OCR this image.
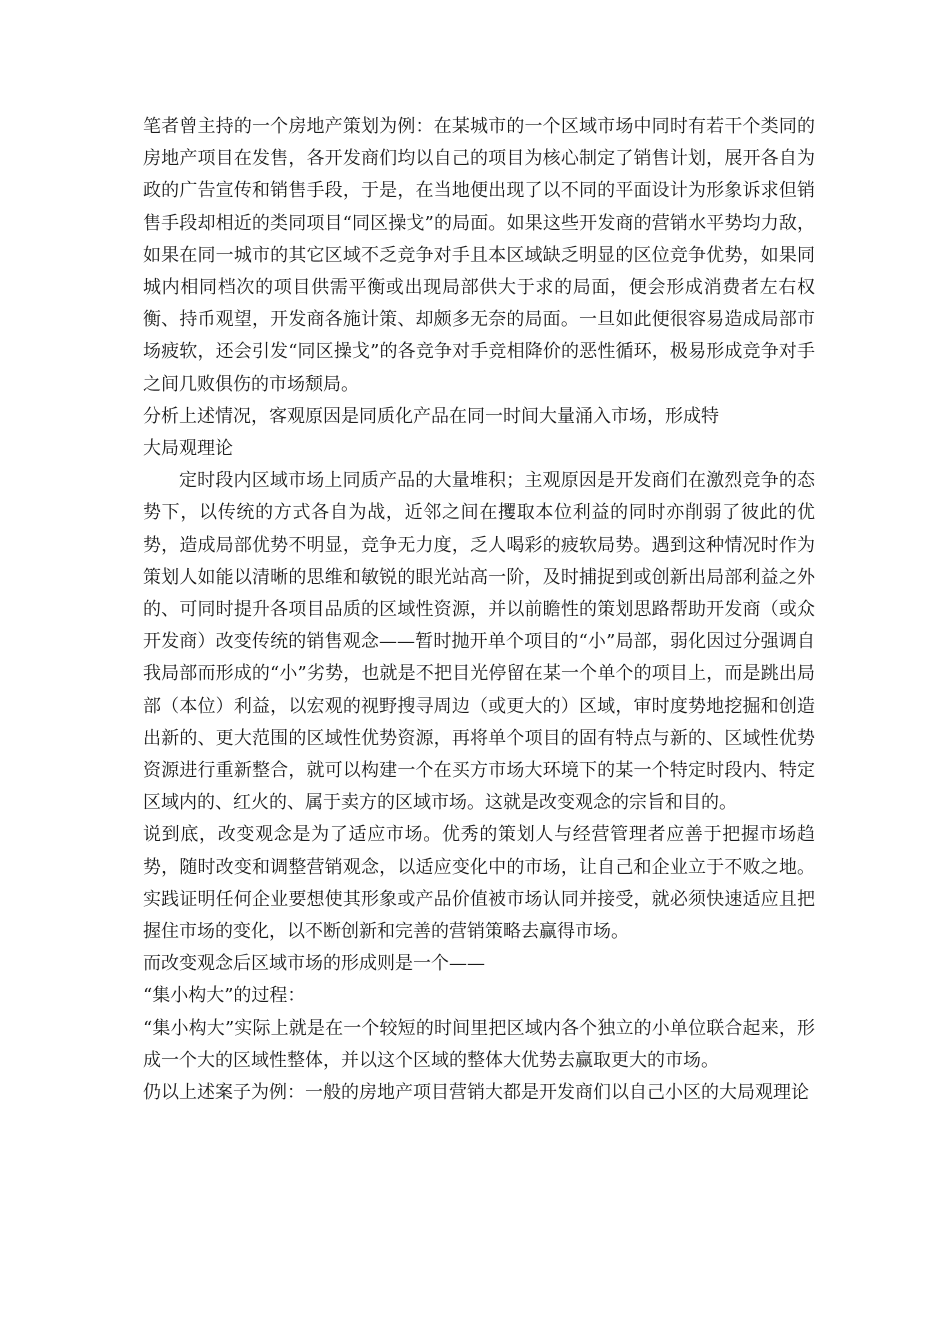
笔者曾主持的一个房地产策划为例：在某城市的一个区域市场中同时有若干个类同的房地产项目在发售，各开发商们均以自己的项目为核心制定了销售计划，展开各自为政的广告宣传和销售手段，于是，在当地便出现了以不同的平面设计为形象诉求但销售手段却相近的类同项目“同区操戈”的局面。如果这些开发商的营销水平势均力敌，如果在同一城市的其它区域不乏竞争对手且本区域缺乏明显的区位竞争优势，如果同城内相同档次的项目供需平衡或出现局部供大于求的局面，便会形成消费者左右权衡、持币观望，开发商各施计策、却颇多无奈的局面。一旦如此便很容易造成局部市场疲软，还会引发“同区操戈”的各竞争对手竞相降价的恶性循环，极易形成竞争对手之间几败俱伤的市场颓局。

分析上述情况，客观原因是同质化产品在同一时间大量涌入市场，形成特

大局观理论

定时段内区域市场上同质产品的大量堆积；主观原因是开发商们在激烈竞争的态势下，以传统的方式各自为战，近邻之间在攫取本位利益的同时亦削弱了彼此的优势，造成局部优势不明显，竞争无力度，乏人喝彩的疲软局势。遇到这种情况时作为策划人如能以清晰的思维和敏锐的眼光站高一阶，及时捕捉到或创新出局部利益之外的、可同时提升各项目品质的区域性资源，并以前瞻性的策划思路帮助开发商（或众开发商）改变传统的销售观念——暂时抛开单个项目的“小”局部，弱化因过分强调自我局部而形成的“小”劣势，也就是不把目光停留在某一个单个的项目上，而是跳出局部（本位）利益，以宏观的视野搜寻周边（或更大的）区域，审时度势地挖掘和创造出新的、更大范围的区域性优势资源，再将单个项目的固有特点与新的、区域性优势资源进行重新整合，就可以构建一个在买方市场大环境下的某一个特定时段内、特定区域内的、红火的、属于卖方的区域市场。这就是改变观念的宗旨和目的。

说到底，改变观念是为了适应市场。优秀的策划人与经营管理者应善于把握市场趋势，随时改变和调整营销观念，以适应变化中的市场，让自己和企业立于不败之地。实践证明任何企业要想使其形象或产品价值被市场认同并接受，就必须快速适应且把握住市场的变化，以不断创新和完善的营销策略去赢得市场。

而改变观念后区域市场的形成则是一个——

“集小构大”的过程：

“集小构大”实际上就是在一个较短的时间里把区域内各个独立的小单位联合起来，形成一个大的区域性整体，并以这个区域的整体大优势去赢取更大的市场。

仍以上述案子为例：一般的房地产项目营销大都是开发商们以自己小区的大局观理论
